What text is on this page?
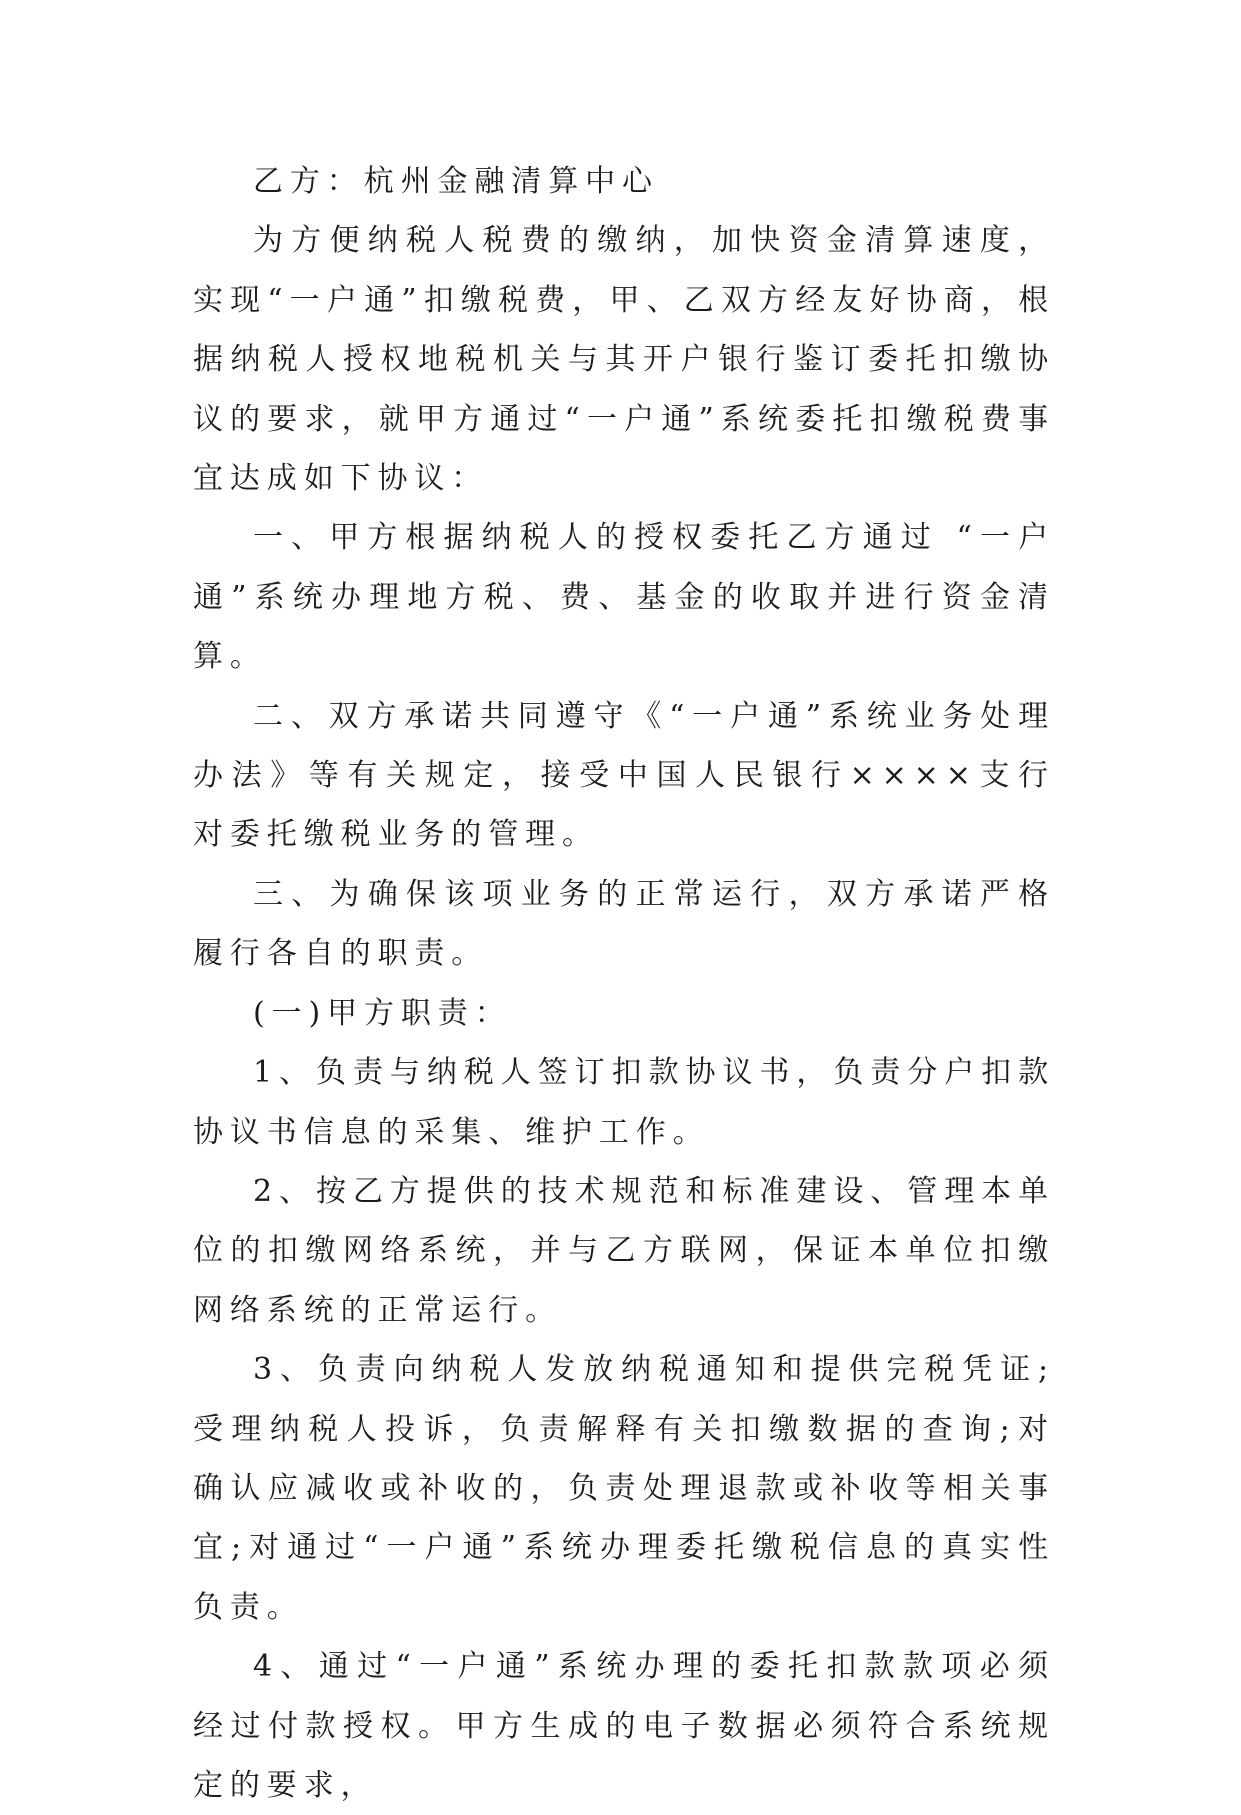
乙方：杭州金融清算中心

为方便纳税人税费的缴纳，加快资金清算速度，实现“一户通”扣缴税费，甲、乙双方经友好协商，根据纳税人授权地税机关与其开户银行鉴订委托扣缴协议的要求，就甲方通过“一户通”系统委托扣缴税费事宜达成如下协议：

一、甲方根据纳税人的授权委托乙方通过 “一户通”系统办理地方税、费、基金的收取并进行资金清算。

二、双方承诺共同遵守《“一户通”系统业务处理办法》等有关规定，接受中国人民银行××××支行对委托缴税业务的管理。

三、为确保该项业务的正常运行，双方承诺严格履行各自的职责。

(一)甲方职责：

1、负责与纳税人签订扣款协议书，负责分户扣款协议书信息的采集、维护工作。

2、按乙方提供的技术规范和标准建设、管理本单位的扣缴网络系统，并与乙方联网，保证本单位扣缴网络系统的正常运行。

3、负责向纳税人发放纳税通知和提供完税凭证;受理纳税人投诉，负责解释有关扣缴数据的查询;对确认应减收或补收的，负责处理退款或补收等相关事宜;对通过“一户通”系统办理委托缴税信息的真实性负责。

4、通过“一户通”系统办理的委托扣款款项必须经过付款授权。甲方生成的电子数据必须符合系统规定的要求，
